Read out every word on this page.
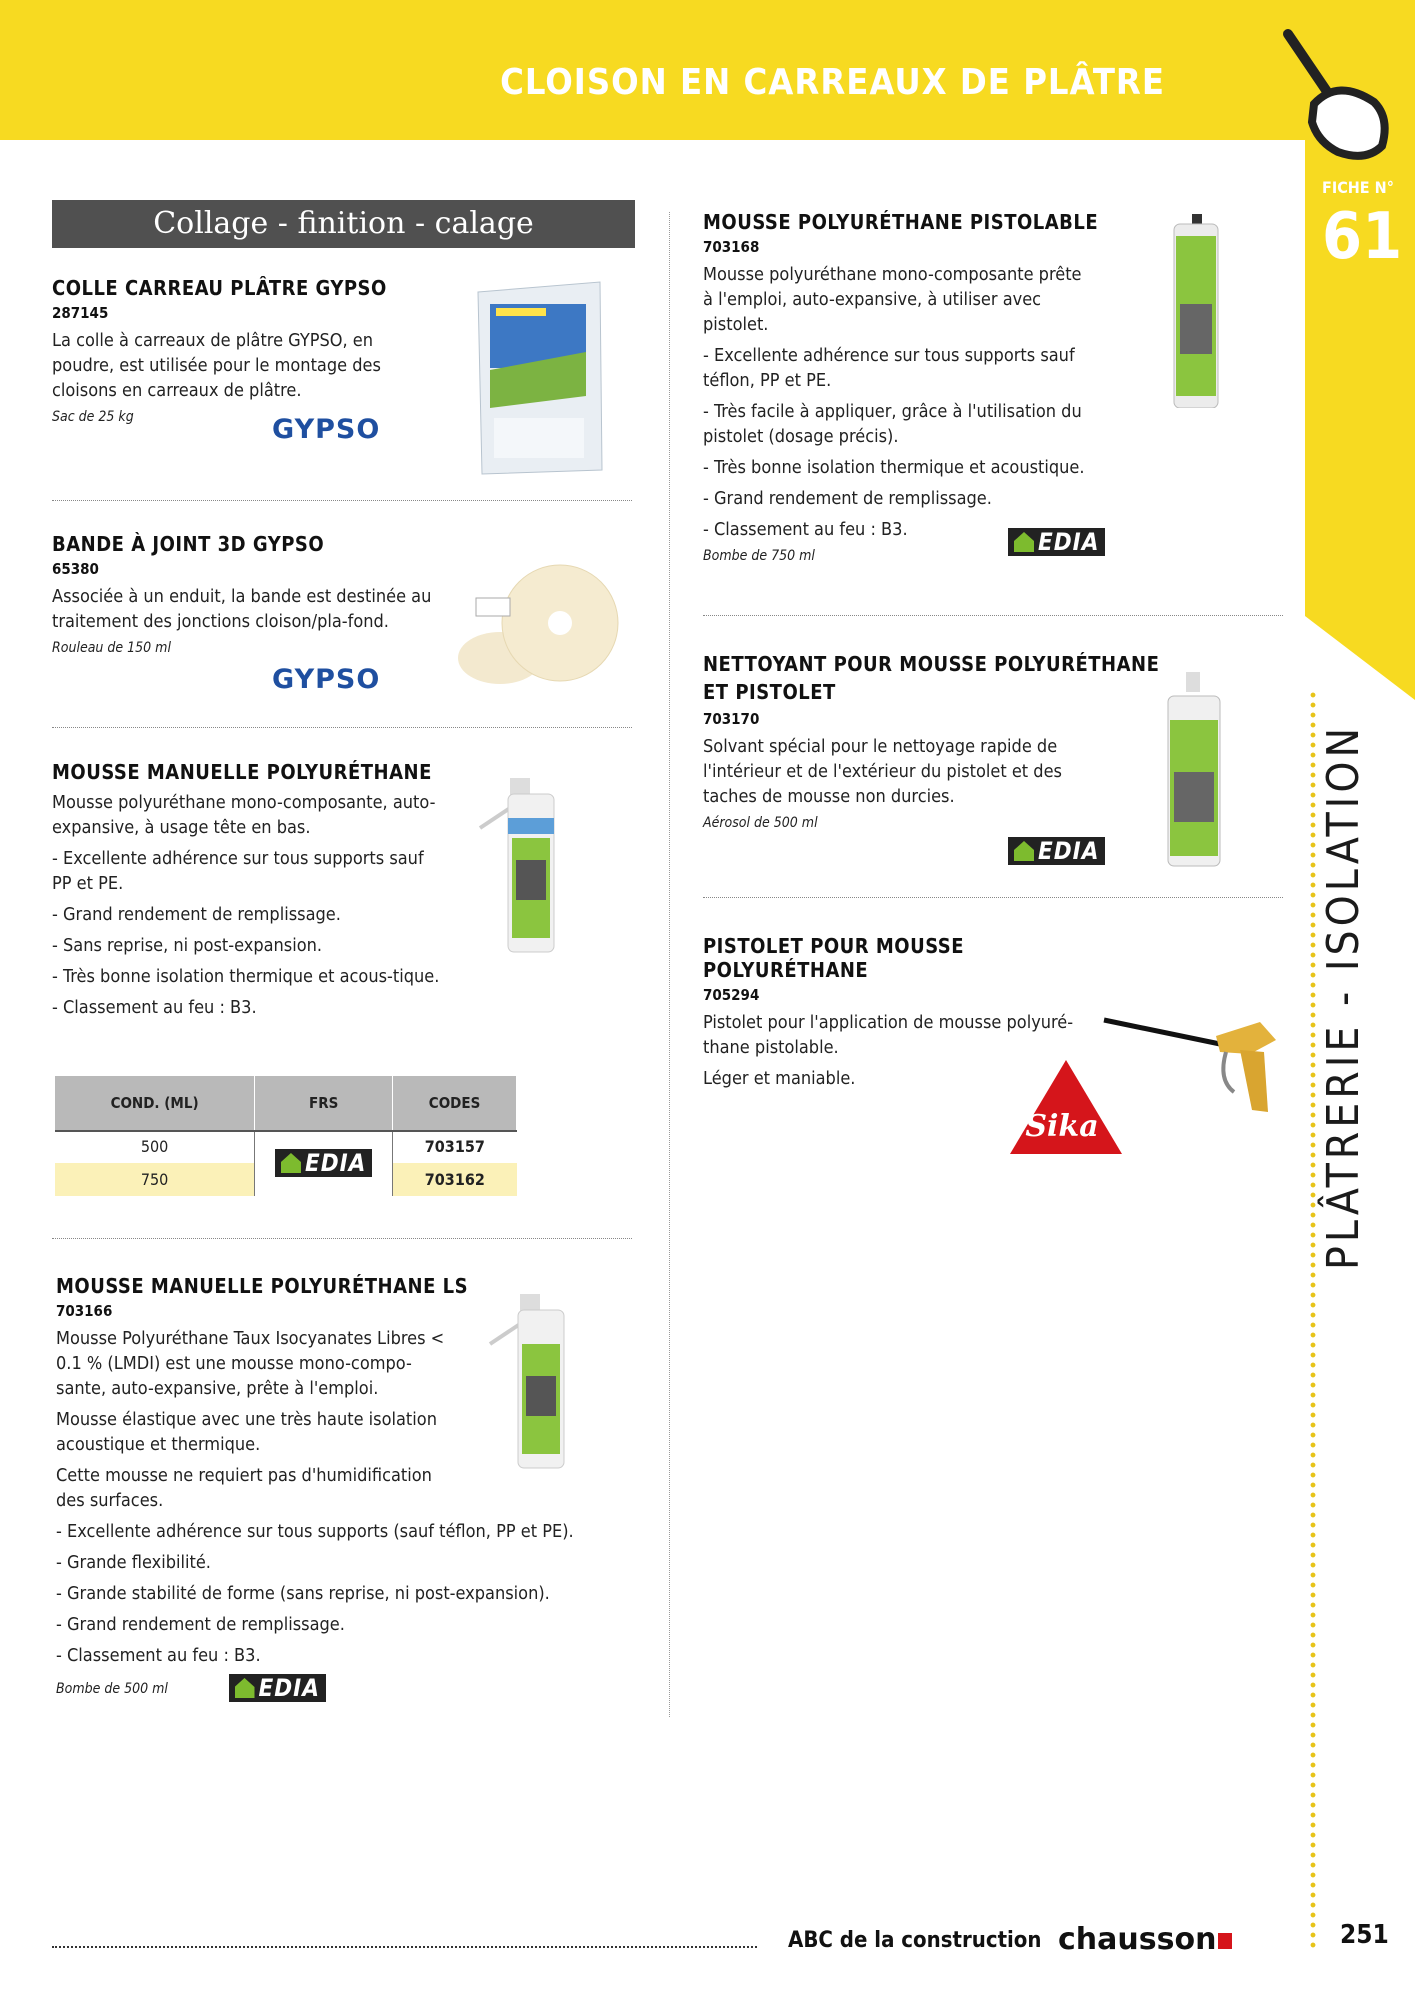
CLOISON EN CARREAUX DE PLÂTRE
FICHE N°
61
PLÂTRERIE - ISOLATION
Collage - finition - calage
COLLE CARREAU PLÂTRE GYPSO
287145

La colle à carreaux de plâtre GYPSO, en poudre, est utilisée pour le montage des cloisons en carreaux de plâtre.

Sac de 25 kg	GYPSO
BANDE À JOINT 3D GYPSO
65380

Associée à un enduit, la bande est destinée au traitement des jonctions cloison/pla-fond.

Rouleau de 150 ml
GYPSO
MOUSSE MANUELLE POLYURÉTHANE

Mousse polyuréthane mono-composante, auto-expansive, à usage tête en bas.

- Excellente adhérence sur tous supports sauf PP et PE.

- Grand rendement de remplissage.

- Sans reprise, ni post-expansion.

- Très bonne isolation thermique et acous-tique.

- Classement au feu : B3.

COND. (ML)	FRS	CODES
500	EDIA	703157
750		703162
MOUSSE MANUELLE POLYURÉTHANE LS
703166

Mousse Polyuréthane Taux Isocyanates Libres < 0.1 % (LMDI) est une mousse mono-compo-sante, auto-expansive, prête à l'emploi.

Mousse élastique avec une très haute isolation acoustique et thermique.

Cette mousse ne requiert pas d'humidification des surfaces.

- Excellente adhérence sur tous supports (sauf téflon, PP et PE).

- Grande flexibilité.

- Grande stabilité de forme (sans reprise, ni post-expansion).

- Grand rendement de remplissage.

- Classement au feu : B3.

Bombe de 500 ml	EDIA
MOUSSE POLYURÉTHANE PISTOLABLE
703168

Mousse polyuréthane mono-composante prête à l'emploi, auto-expansive, à utiliser avec pistolet.

- Excellente adhérence sur tous supports sauf téflon, PP et PE.

- Très facile à appliquer, grâce à l'utilisation du pistolet (dosage précis).

- Très bonne isolation thermique et acoustique.

- Grand rendement de remplissage.

- Classement au feu : B3.

Bombe de 750 ml	EDIA
NETTOYANT POUR MOUSSE POLYURÉTHANE ET PISTOLET
703170

Solvant spécial pour le nettoyage rapide de l'intérieur et de l'extérieur du pistolet et des taches de mousse non durcies.

Aérosol de 500 ml
EDIA
PISTOLET POUR MOUSSE POLYURÉTHANE
705294

Pistolet pour l'application de mousse polyuré-thane pistolable.

Léger et maniable.

Sika
ABC de la construction chausson	251
